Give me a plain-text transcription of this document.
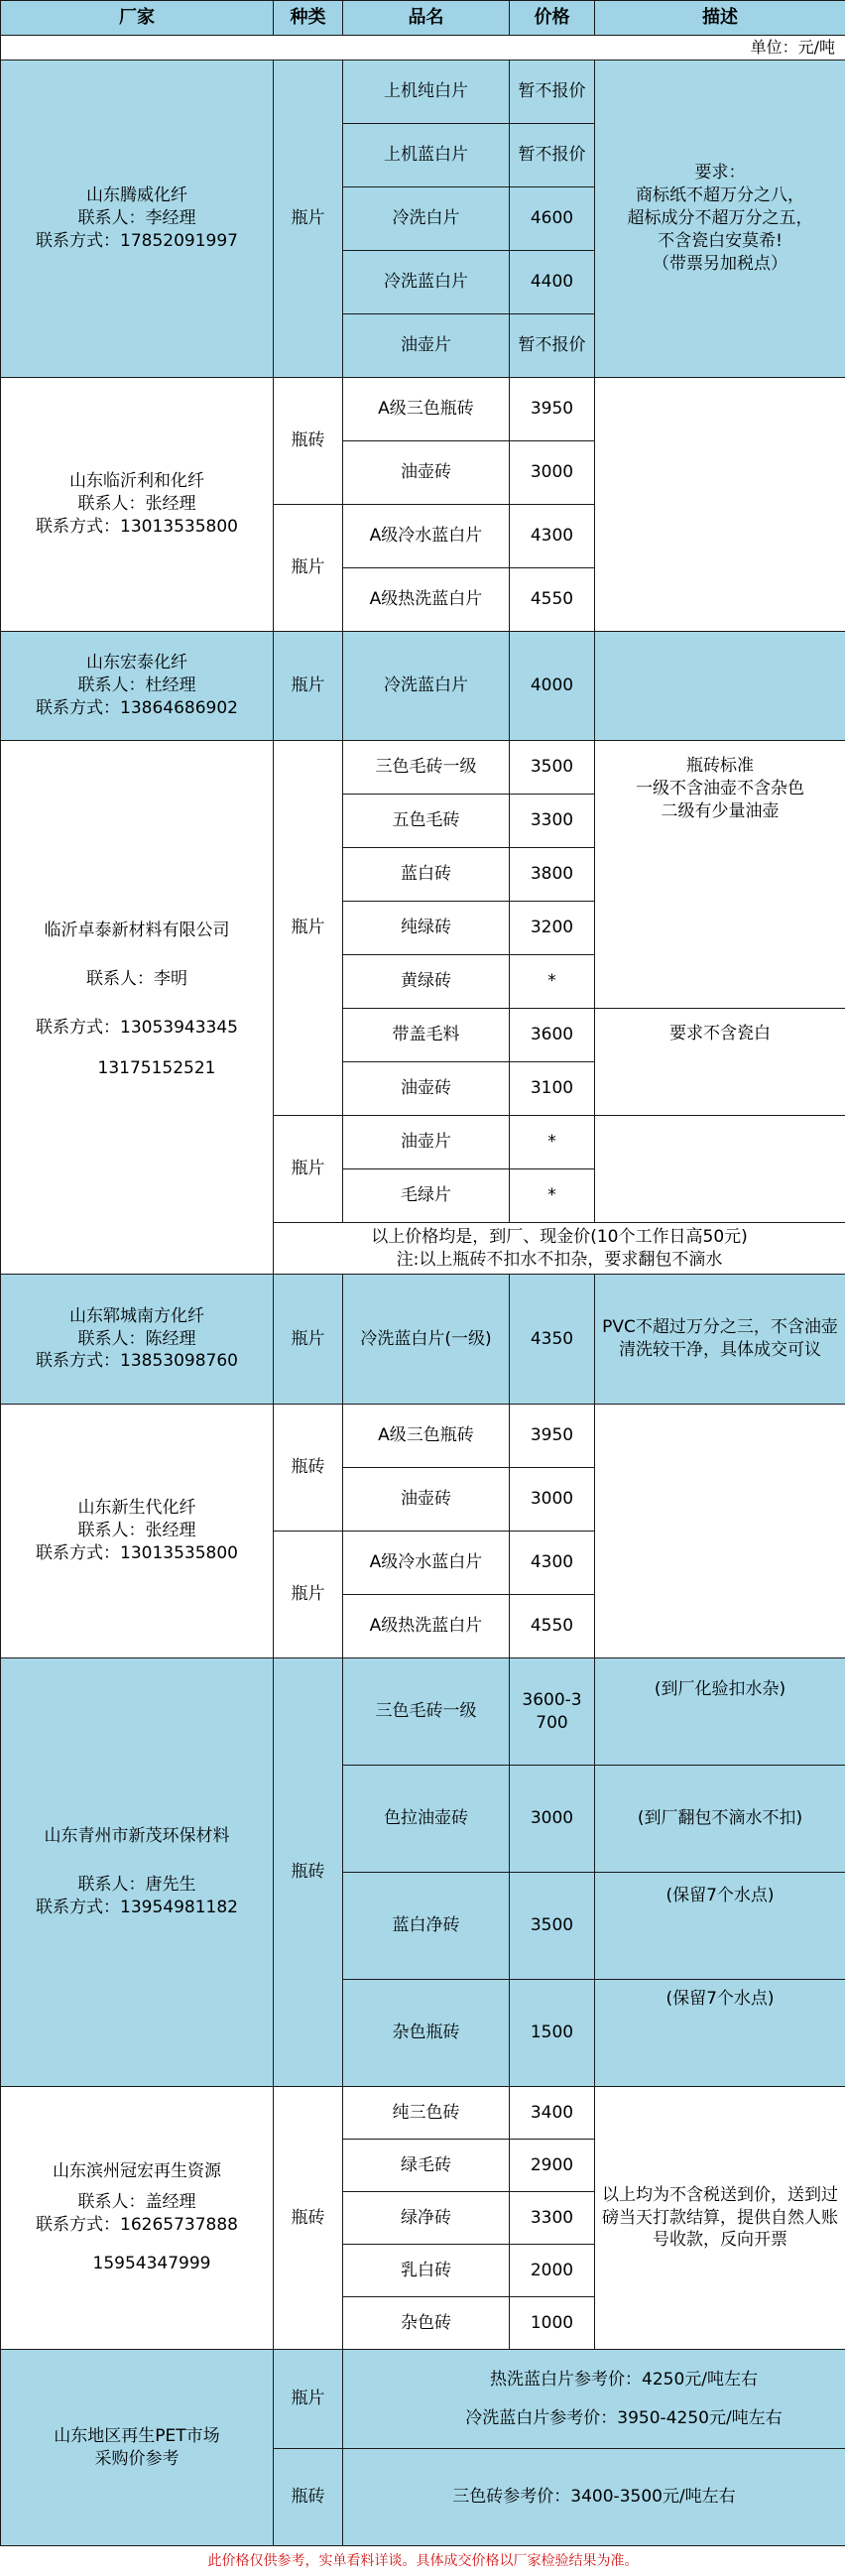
厂家	种类	品名	价格	描述
单位：元/吨				

山东腾威化纤
联系人：李经理
联系方式：17852091997	瓶片	上机纯白片	暂不报价	要求：
商标纸不超万分之八，
超标成分不超万分之五，
不含瓷白安莫希!
（带票另加税点）

		上机蓝白片	暂不报价	
		冷洗白片	4600	
		冷洗蓝白片	4400	
		油壶片	暂不报价	

山东临沂利和化纤
联系人：张经理
联系方式：13013535800	瓶砖	A级三色瓶砖	3950	
		油壶砖	3000	
	瓶片	A级冷水蓝白片	4300	
		A级热洗蓝白片	4550	

山东宏泰化纤
联系人：杜经理
联系方式：13864686902	瓶片	冷洗蓝白片	4000	

临沂卓泰新材料有限公司
联系人：李明
联系方式：13053943345
13175152521	瓶片	三色毛砖一级	3500	瓶砖标准
一级不含油壶不含杂色
二级有少量油壶

		五色毛砖	3300	
		蓝白砖	3800	
		纯绿砖	3200	
		黄绿砖	*	
		带盖毛料	3600	要求不含瓷白
		油壶砖	3100	
	瓶片	油壶片	*	
		毛绿片	*	

	以上价格均是，到厂、现金价(10个工作日高50元)
注:以上瓶砖不扣水不扣杂，要求翻包不滴水			

山东郓城南方化纤
联系人：陈经理
联系方式：13853098760	瓶片	冷洗蓝白片(一级)	4350	PVC不超过万分之三，不含油壶清洗较干净，具体成交可议

山东新生代化纤
联系人：张经理
联系方式：13013535800	瓶砖	A级三色瓶砖	3950	
		油壶砖	3000	
	瓶片	A级冷水蓝白片	4300	
		A级热洗蓝白片	4550	

山东青州市新茂环保材料
联系人：唐先生
联系方式：13954981182	瓶砖	三色毛砖一级	3600-3700	(到厂化验扣水杂)
		色拉油壶砖	3000	(到厂翻包不滴水不扣)
		蓝白净砖	3500	(保留7个水点)
		杂色瓶砖	1500	(保留7个水点)

山东滨州冠宏再生资源
联系人：盖经理
联系方式：16265737888
15954347999	瓶砖	纯三色砖	3400	以上均为不含税送到价，送到过磅当天打款结算，提供自然人账号收款，反向开票
		绿毛砖	2900	
		绿净砖	3300	
		乳白砖	2000	
		杂色砖	1000	

山东地区再生PET市场
采购价参考	瓶片	热洗蓝白片参考价：4250元/吨左右
冷洗蓝白片参考价：3950-4250元/吨左右		

	瓶砖	三色砖参考价：3400-3500元/吨左右		

此价格仅供参考，实单看料详谈。具体成交价格以厂家检验结果为准。				
